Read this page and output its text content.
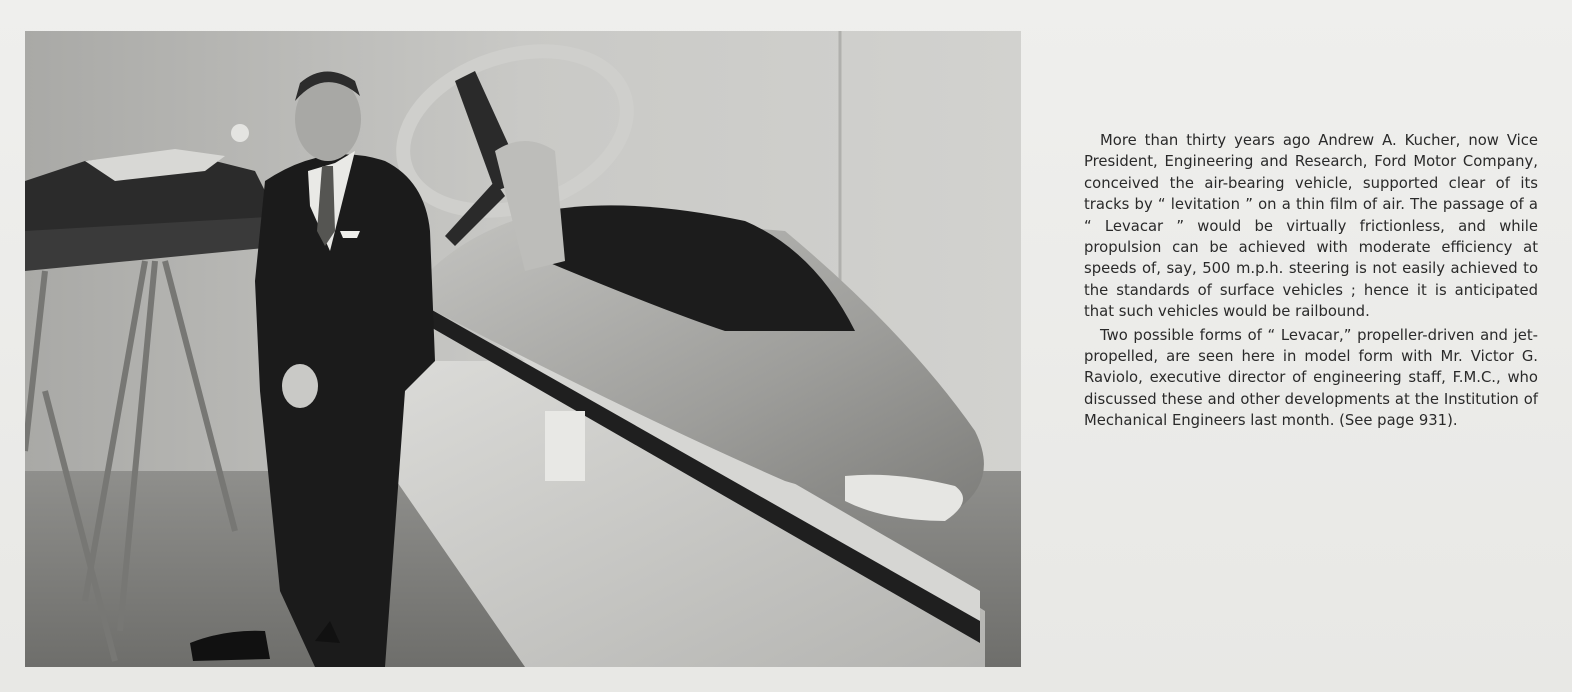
More than thirty years ago Andrew A. Kucher, now Vice President, Engineering and Research, Ford Motor Company, conceived the air-bearing vehicle, supported clear of its tracks by “ levitation ” on a thin film of air. The passage of a “ Levacar ” would be virtually frictionless, and while propulsion can be achieved with moderate efficiency at speeds of, say, 500 m.p.h. steering is not easily achieved to the standards of surface vehicles ; hence it is anticipated that such vehicles would be railbound.

Two possible forms of “ Levacar,” propeller-driven and jet-propelled, are seen here in model form with Mr. Victor G. Raviolo, executive director of engineering staff, F.M.C., who discussed these and other developments at the Institution of Mechanical Engineers last month. (See page 931).
